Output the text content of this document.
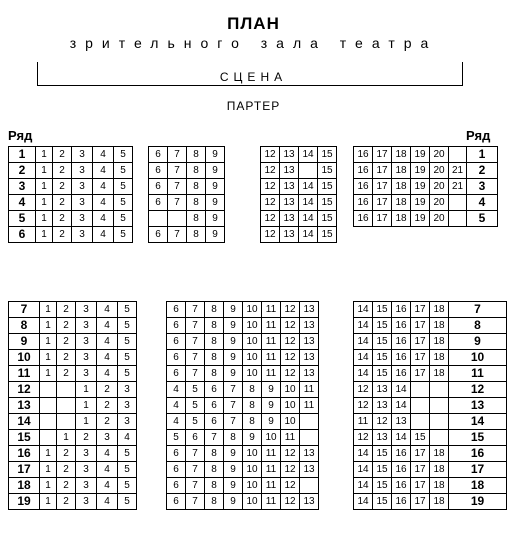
ПЛАН
зрительного зала театра
СЦЕНА
ПАРТЕР
Ряд	Ряд
1	1	2	3	4	5
2	1	2	3	4	5
3	1	2	3	4	5
4	1	2	3	4	5
5	1	2	3	4	5
6	1	2	3	4	5
6	7	8	9
6	7	8	9
6	7	8	9
6	7	8	9
		8	9
6	7	8	9
12	13	14	15
12	13		15
12	13	14	15
12	13	14	15
12	13	14	15
12	13	14	15
16	17	18	19	20		1
16	17	18	19	20	21	2
16	17	18	19	20	21	3
16	17	18	19	20		4
16	17	18	19	20		5
7	1	2	3	4	5
8	1	2	3	4	5
9	1	2	3	4	5
10	1	2	3	4	5
11	1	2	3	4	5
12			1	2	3
13			1	2	3
14			1	2	3
15		1	2	3	4
16	1	2	3	4	5
17	1	2	3	4	5
18	1	2	3	4	5
19	1	2	3	4	5
6	7	8	9	10	11	12	13
6	7	8	9	10	11	12	13
6	7	8	9	10	11	12	13
6	7	8	9	10	11	12	13
6	7	8	9	10	11	12	13
4	5	6	7	8	9	10	11
4	5	6	7	8	9	10	11
4	5	6	7	8	9	10	
5	6	7	8	9	10	11	
6	7	8	9	10	11	12	13
6	7	8	9	10	11	12	13
6	7	8	9	10	11	12	
6	7	8	9	10	11	12	13
14	15	16	17	18	7
14	15	16	17	18	8
14	15	16	17	18	9
14	15	16	17	18	10
14	15	16	17	18	11
12	13	14			12
12	13	14			13
11	12	13			14
12	13	14	15		15
14	15	16	17	18	16
14	15	16	17	18	17
14	15	16	17	18	18
14	15	16	17	18	19
